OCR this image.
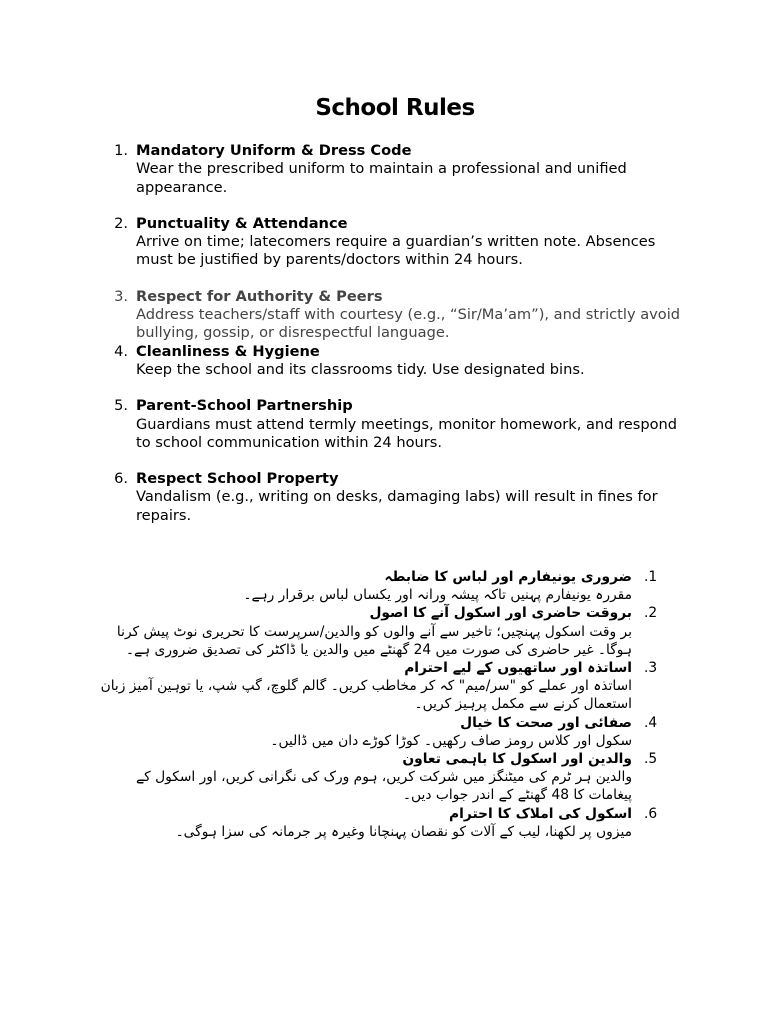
School Rules
1. Mandatory Uniform & Dress Code
Wear the prescribed uniform to maintain a professional and unified appearance.
2. Punctuality & Attendance
Arrive on time; latecomers require a guardian’s written note. Absences must be justified by parents/doctors within 24 hours.
3. Respect for Authority & Peers
Address teachers/staff with courtesy (e.g., “Sir/Ma’am”), and strictly avoid bullying, gossip, or disrespectful language.
4. Cleanliness & Hygiene
Keep the school and its classrooms tidy. Use designated bins.
5. Parent-School Partnership
Guardians must attend termly meetings, monitor homework, and respond to school communication within 24 hours.
6. Respect School Property
Vandalism (e.g., writing on desks, damaging labs) will result in fines for repairs.
.1
ضروری یونیفارم اور لباس کا ضابطہ
مقررہ یونیفارم پہنیں تاکہ پیشہ ورانہ اور یکساں لباس برقرار رہے۔
.2
بروقت حاضری اور اسکول آنے کا اصول
بر وقت اسکول پہنچیں؛ تاخیر سے آنے والوں کو والدین/سرپرست کا تحریری نوٹ پیش کرنا ہوگا۔ غیر حاضری کی صورت میں 24 گھنٹے میں والدین یا ڈاکٹر کی تصدیق ضروری ہے۔
.3
اساتذہ اور ساتھیوں کے لیے احترام
اساتذہ اور عملے کو "سر/میم" کہ کر مخاطب کریں۔ گالم گلوچ، گپ شپ، یا توہین آمیز زبان استعمال کرنے سے مکمل پرہیز کریں۔
.4
صفائی اور صحت کا خیال
سکول اور کلاس رومز صاف رکھیں۔ کوڑا کوڑے دان میں ڈالیں۔
.5
والدین اور اسکول کا باہمی تعاون
والدین ہر ٹرم کی میٹنگز میں شرکت کریں، ہوم ورک کی نگرانی کریں، اور اسکول کے پیغامات کا 48 گھنٹے کے اندر جواب دیں۔
.6
اسکول کی املاک کا احترام
میزوں پر لکھنا، لیب کے آلات کو نقصان پہنچانا وغیرہ پر جرمانہ کی سزا ہوگی۔
